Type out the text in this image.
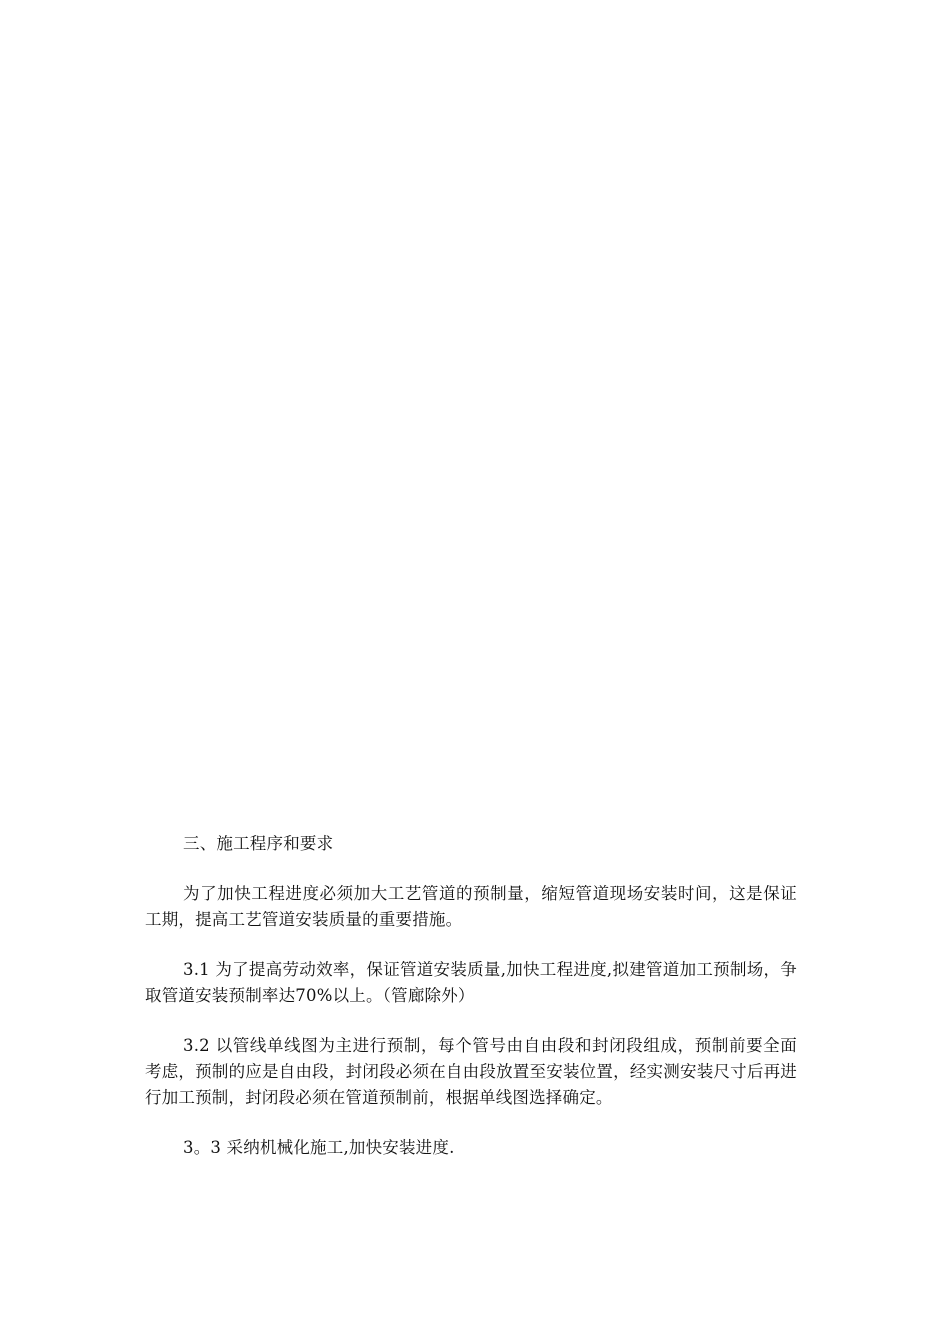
三、施工程序和要求

为了加快工程进度必须加大工艺管道的预制量，缩短管道现场安装时间，这是保证工期，提高工艺管道安装质量的重要措施。

3.1 为了提高劳动效率，保证管道安装质量,加快工程进度,拟建管道加工预制场，争取管道安装预制率达70%以上。（管廊除外）

3.2 以管线单线图为主进行预制，每个管号由自由段和封闭段组成，预制前要全面考虑，预制的应是自由段，封闭段必须在自由段放置至安装位置，经实测安装尺寸后再进行加工预制，封闭段必须在管道预制前，根据单线图选择确定。

3。3 采纳机械化施工,加快安装进度.
